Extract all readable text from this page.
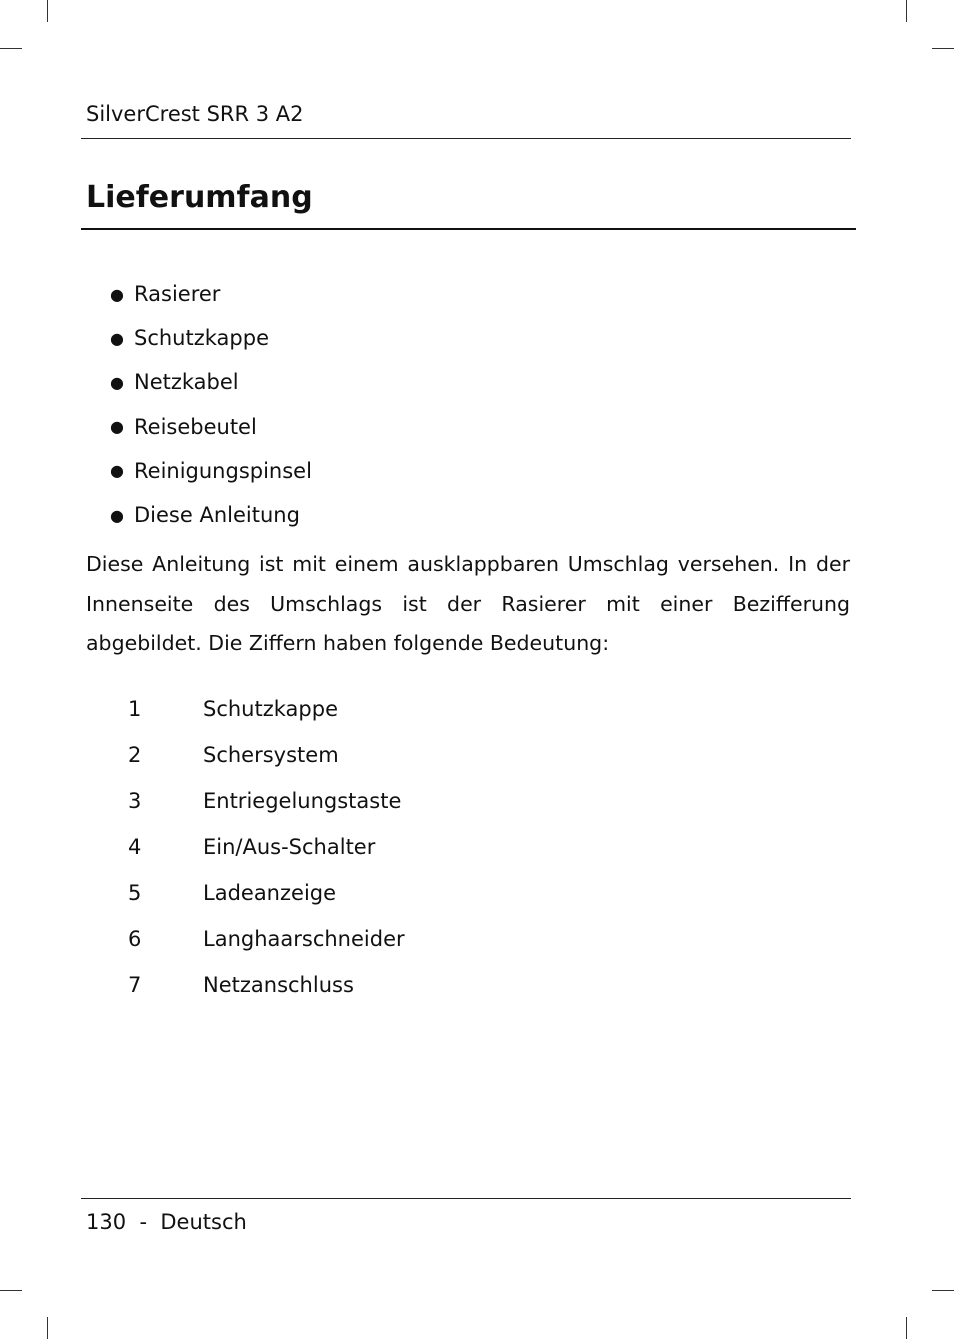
SilverCrest SRR 3 A2
Lieferumfang
● Rasierer
● Schutzkappe
● Netzkabel
● Reisebeutel
● Reinigungspinsel
● Diese Anleitung

Diese Anleitung ist mit einem ausklappbaren Umschlag versehen. In der Innenseite des Umschlags ist der Rasierer mit einer Bezifferung abgebildet. Die Ziffern haben folgende Bedeutung:

1	Schutzkappe
2	Schersystem
3	Entriegelungstaste
4	Ein/Aus-Schalter
5	Ladeanzeige
6	Langhaarschneider
7	Netzanschluss
130 - Deutsch
